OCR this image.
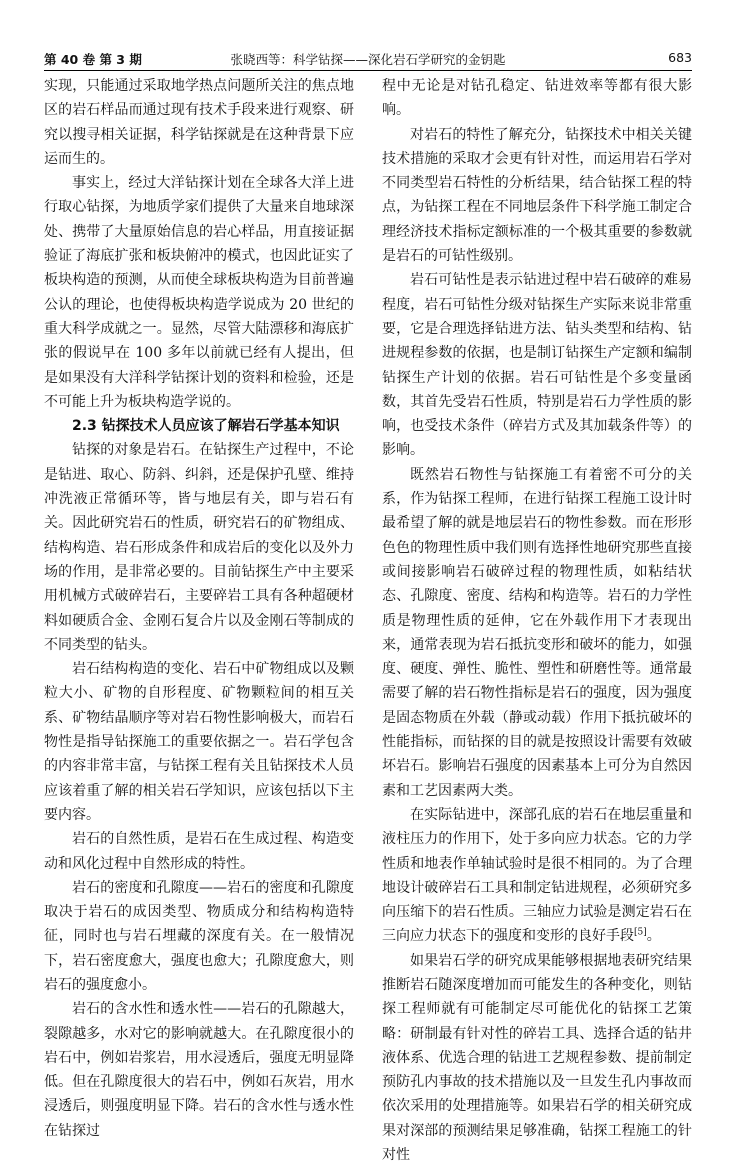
第 40 卷 第 3 期	张晓西等：科学钻探——深化岩石学研究的金钥匙	683

实现，只能通过采取地学热点问题所关注的焦点地区的岩石样品而通过现有技术手段来进行观察、研究以搜寻相关证据，科学钻探就是在这种背景下应运而生的。

事实上，经过大洋钻探计划在全球各大洋上进行取心钻探，为地质学家们提供了大量来自地球深处、携带了大量原始信息的岩心样品，用直接证据验证了海底扩张和板块俯冲的模式，也因此证实了板块构造的预测，从而使全球板块构造为目前普遍公认的理论，也使得板块构造学说成为 20 世纪的重大科学成就之一。显然，尽管大陆漂移和海底扩张的假说早在 100 多年以前就已经有人提出，但是如果没有大洋科学钻探计划的资料和检验，还是不可能上升为板块构造学说的。

2.3 钻探技术人员应该了解岩石学基本知识

钻探的对象是岩石。在钻探生产过程中，不论是钻进、取心、防斜、纠斜，还是保护孔壁、维持冲洗液正常循环等，皆与地层有关，即与岩石有关。因此研究岩石的性质，研究岩石的矿物组成、结构构造、岩石形成条件和成岩后的变化以及外力场的作用，是非常必要的。目前钻探生产中主要采用机械方式破碎岩石，主要碎岩工具有各种超硬材料如硬质合金、金刚石复合片以及金刚石等制成的不同类型的钻头。

岩石结构构造的变化、岩石中矿物组成以及颗粒大小、矿物的自形程度、矿物颗粒间的相互关系、矿物结晶顺序等对岩石物性影响极大，而岩石物性是指导钻探施工的重要依据之一。岩石学包含的内容非常丰富，与钻探工程有关且钻探技术人员应该着重了解的相关岩石学知识，应该包括以下主要内容。

岩石的自然性质，是岩石在生成过程、构造变动和风化过程中自然形成的特性。

岩石的密度和孔隙度——岩石的密度和孔隙度取决于岩石的成因类型、物质成分和结构构造特征，同时也与岩石埋藏的深度有关。在一般情况下，岩石密度愈大，强度也愈大；孔隙度愈大，则岩石的强度愈小。

岩石的含水性和透水性——岩石的孔隙越大，裂隙越多，水对它的影响就越大。在孔隙度很小的岩石中，例如岩浆岩，用水浸透后，强度无明显降低。但在孔隙度很大的岩石中，例如石灰岩，用水浸透后，则强度明显下降。岩石的含水性与透水性在钻探过

程中无论是对钻孔稳定、钻进效率等都有很大影响。

对岩石的特性了解充分，钻探技术中相关关键技术措施的采取才会更有针对性，而运用岩石学对不同类型岩石特性的分析结果，结合钻探工程的特点，为钻探工程在不同地层条件下科学施工制定合理经济技术指标定额标准的一个极其重要的参数就是岩石的可钻性级别。

岩石可钻性是表示钻进过程中岩石破碎的难易程度，岩石可钻性分级对钻探生产实际来说非常重要，它是合理选择钻进方法、钻头类型和结构、钻进规程参数的依据，也是制订钻探生产定额和编制钻探生产计划的依据。岩石可钻性是个多变量函数，其首先受岩石性质，特别是岩石力学性质的影响，也受技术条件（碎岩方式及其加载条件等）的影响。

既然岩石物性与钻探施工有着密不可分的关系，作为钻探工程师，在进行钻探工程施工设计时最希望了解的就是地层岩石的物性参数。而在形形色色的物理性质中我们则有选择性地研究那些直接或间接影响岩石破碎过程的物理性质，如粘结状态、孔隙度、密度、结构和构造等。岩石的力学性质是物理性质的延伸，它在外载作用下才表现出来，通常表现为岩石抵抗变形和破坏的能力，如强度、硬度、弹性、脆性、塑性和研磨性等。通常最需要了解的岩石物性指标是岩石的强度，因为强度是固态物质在外载（静或动载）作用下抵抗破坏的性能指标，而钻探的目的就是按照设计需要有效破坏岩石。影响岩石强度的因素基本上可分为自然因素和工艺因素两大类。

在实际钻进中，深部孔底的岩石在地层重量和液柱压力的作用下，处于多向应力状态。它的力学性质和地表作单轴试验时是很不相同的。为了合理地设计破碎岩石工具和制定钻进规程，必须研究多向压缩下的岩石性质。三轴应力试验是测定岩石在三向应力状态下的强度和变形的良好手段[5]。

如果岩石学的研究成果能够根据地表研究结果推断岩石随深度增加而可能发生的各种变化，则钻探工程师就有可能制定尽可能优化的钻探工艺策略：研制最有针对性的碎岩工具、选择合适的钻井液体系、优选合理的钻进工艺规程参数、提前制定预防孔内事故的技术措施以及一旦发生孔内事故而依次采用的处理措施等。如果岩石学的相关研究成果对深部的预测结果足够准确，钻探工程施工的针对性
